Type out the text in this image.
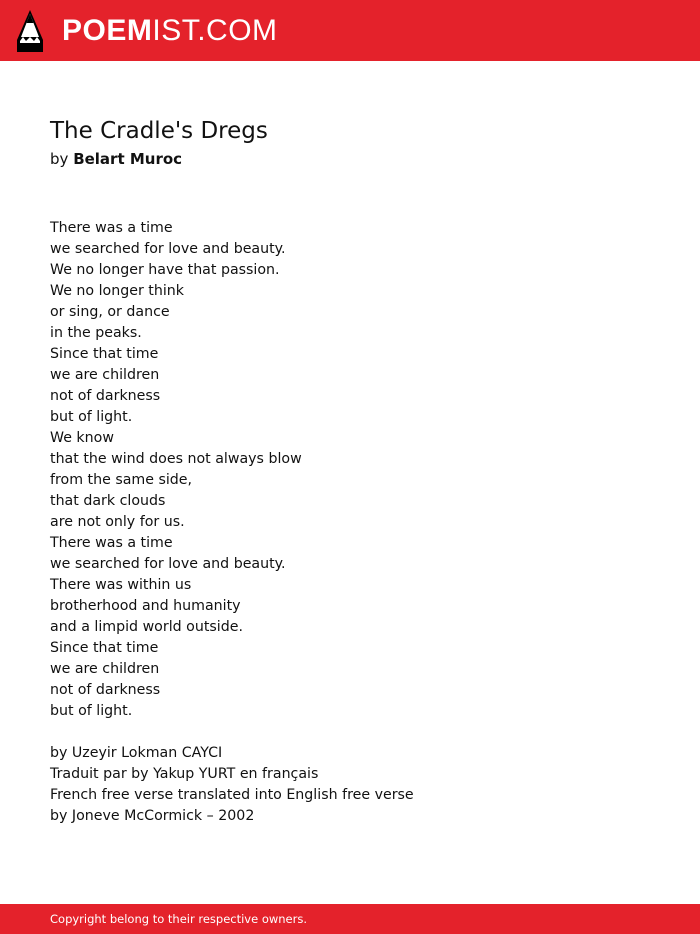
POEMIST.COM
The Cradle's Dregs
by Belart Muroc
There was a time
we searched for love and beauty.
We no longer have that passion.
We no longer think
or sing, or dance
in the peaks.
Since that time
we are children
not of darkness
but of light.
We know
that the wind does not always blow
from the same side,
that dark clouds
are not only for us.
There was a time
we searched for love and beauty.
There was within us
brotherhood and humanity
and a limpid world outside.
Since that time
we are children
not of darkness
but of light.
by Uzeyir Lokman CAYCI
Traduit par by Yakup YURT en français
French free verse translated into English free verse
by Joneve McCormick – 2002
Copyright belong to their respective owners.
